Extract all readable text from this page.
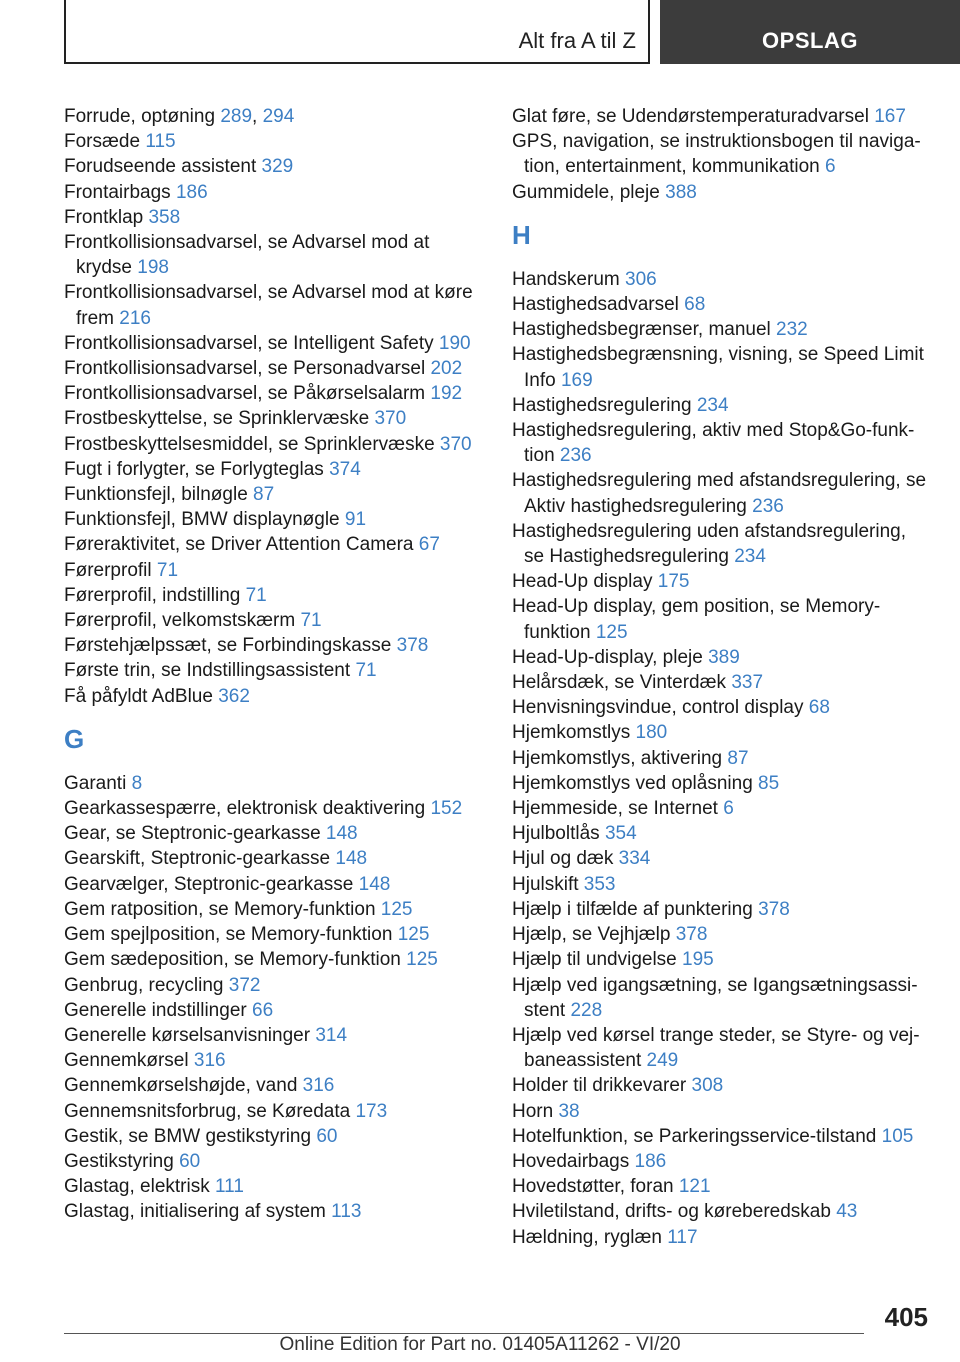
Alt fra A til Z	OPSLAG
Forrude, optøning 289, 294
Forsæde 115
Forudseende assistent 329
Frontairbags 186
Frontklap 358
Frontkollisionsadvarsel, se Advarsel mod at krydse 198
Frontkollisionsadvarsel, se Advarsel mod at køre frem 216
Frontkollisionsadvarsel, se Intelligent Safety 190
Frontkollisionsadvarsel, se Personadvarsel 202
Frontkollisionsadvarsel, se Påkørselsalarm 192
Frostbeskyttelse, se Sprinklervæske 370
Frostbeskyttelsesmiddel, se Sprinklervæske 370
Fugt i forlygter, se Forlygteglas 374
Funktionsfejl, bilnøgle 87
Funktionsfejl, BMW displaynøgle 91
Føreraktivitet, se Driver Attention Camera 67
Førerprofil 71
Førerprofil, indstilling 71
Førerprofil, velkomstskærm 71
Førstehjælpssæt, se Forbindingskasse 378
Første trin, se Indstillingsassistent 71
Få påfyldt AdBlue 362
G
Garanti 8
Gearkassespærre, elektronisk deaktivering 152
Gear, se Steptronic-gearkasse 148
Gearskift, Steptronic-gearkasse 148
Gearvælger, Steptronic-gearkasse 148
Gem ratposition, se Memory-funktion 125
Gem spejlposition, se Memory-funktion 125
Gem sædeposition, se Memory-funktion 125
Genbrug, recycling 372
Generelle indstillinger 66
Generelle kørselsanvisninger 314
Gennemkørsel 316
Gennemkørselshøjde, vand 316
Gennemsnitsforbrug, se Køredata 173
Gestik, se BMW gestikstyring 60
Gestikstyring 60
Glastag, elektrisk 111
Glastag, initialisering af system 113
Glat føre, se Udendørstemperaturadvarsel 167
GPS, navigation, se instruktionsbogen til navigation, entertainment, kommunikation 6
Gummidele, pleje 388
H
Handskerum 306
Hastighedsadvarsel 68
Hastighedsbegrænser, manuel 232
Hastighedsbegrænsning, visning, se Speed Limit Info 169
Hastighedsregulering 234
Hastighedsregulering, aktiv med Stop&Go-funktion 236
Hastighedsregulering med afstandsregulering, se Aktiv hastighedsregulering 236
Hastighedsregulering uden afstandsregulering, se Hastighedsregulering 234
Head-Up display 175
Head-Up display, gem position, se Memory-funktion 125
Head-Up-display, pleje 389
Helårsdæk, se Vinterdæk 337
Henvisningsvindue, control display 68
Hjemkomstlys 180
Hjemkomstlys, aktivering 87
Hjemkomstlys ved oplåsning 85
Hjemmeside, se Internet 6
Hjulboltlås 354
Hjul og dæk 334
Hjulskift 353
Hjælp i tilfælde af punktering 378
Hjælp, se Vejhjælp 378
Hjælp til undvigelse 195
Hjælp ved igangsætning, se Igangsætningsassistent 228
Hjælp ved kørsel trange steder, se Styre- og vejbaneassistent 249
Holder til drikkevarer 308
Horn 38
Hotelfunktion, se Parkeringsservice-tilstand 105
Hovedairbags 186
Hovedstøtter, foran 121
Hviletilstand, drifts- og køreberedskab 43
Hældning, ryglæn 117
405
Online Edition for Part no. 01405A11262 - VI/20
